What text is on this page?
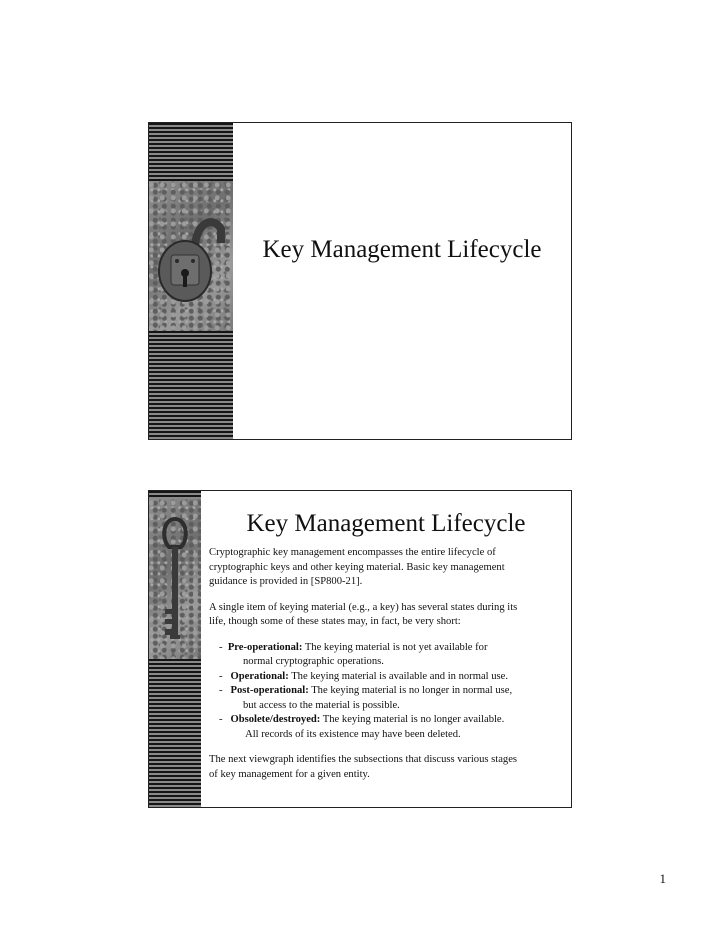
Key Management Lifecycle
Key Management Lifecycle

Cryptographic key management encompasses the entire lifecycle of
cryptographic keys and other keying material. Basic key management
guidance is provided in [SP800-21].

A single item of keying material (e.g., a key) has several states during its
life, though some of these states may, in fact, be very short:

-  Pre-operational: The keying material is not yet available for
normal cryptographic operations.
-   Operational: The keying material is available and in normal use.
-   Post-operational: The keying material is no longer in normal use,
but access to the material is possible.
-   Obsolete/destroyed: The keying material is no longer available.
All records of its existence may have been deleted.

The next viewgraph identifies the subsections that discuss various stages
of key management for a given entity.

1
